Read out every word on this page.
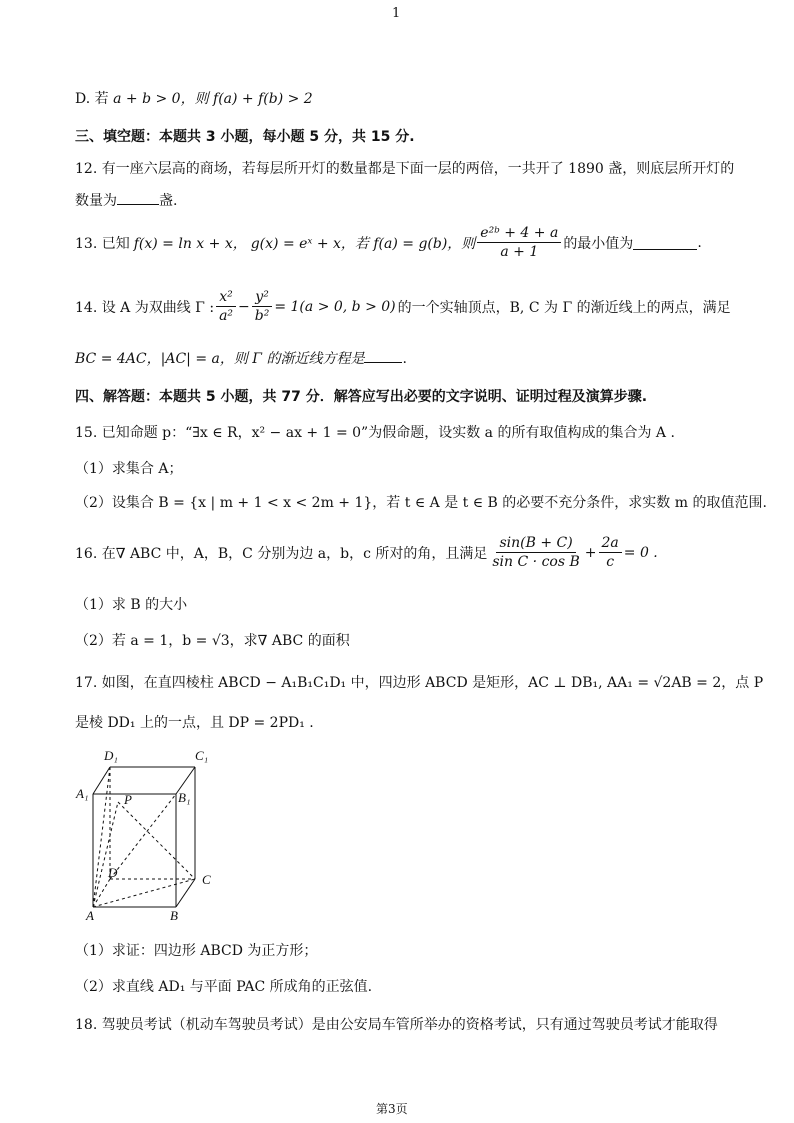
1
D. 若 a + b > 0，则 f(a) + f(b) > 2
三、填空题：本题共 3 小题，每小题 5 分，共 15 分.
12. 有一座六层高的商场，若每层所开灯的数量都是下面一层的两倍，一共开了 1890 盏，则底层所开灯的
数量为	盏.
13. 已知 f(x) = ln x + x， g(x) = eˣ + x，若 f(a) = g(b)，则 $\frac{\text{e²ᵇ + 4 + a}}{a + 1}$ 的最小值为	.
14. 设 A 为双曲线 Γ : $\frac{\text{x²}}{\text{a²}} - \frac{\text{y²}}{\text{b²}} = 1(a > 0$, b > 0) 的一个实轴顶点，B, C 为 Γ 的渐近线上的两点，满足
BC = 4AC，|AC| = a，则 Γ 的渐近线方程是	.
四、解答题：本题共 5 小题，共 77 分．解答应写出必要的文字说明、证明过程及演算步骤.
15. 已知命题 p：“∃x ∈ R，x² − ax + 1 = 0”为假命题，设实数 a 的所有取值构成的集合为 A .
（1）求集合 A；
（2）设集合 B = {x | m + 1 < x < 2m + 1}，若 t ∈ A 是 t ∈ B 的必要不充分条件，求实数 m 的取值范围.
16. 在∇ ABC 中，A，B，C 分别为边 a，b，c 所对的角，且满足 $\frac{\sin(B + C)}{\text{sin C · cos B}} + \frac{2a}{c} = 0$ .
（1）求 B 的大小
（2）若 a = 1，b = √3，求∇ ABC 的面积
17. 如图，在直四棱柱 ABCD − A₁B₁C₁D₁ 中，四边形 ABCD 是矩形，AC ⊥ DB₁, AA₁ = √2AB = 2，点 P
是棱 DD₁ 上的一点，且 DP = 2PD₁ .
D₁	C₁
A₁	B₁
P
D	C
A	B
（1）求证：四边形 ABCD 为正方形；
（2）求直线 AD₁ 与平面 PAC 所成角的正弦值.
18. 驾驶员考试（机动车驾驶员考试）是由公安局车管所举办的资格考试，只有通过驾驶员考试才能取得
第3页
